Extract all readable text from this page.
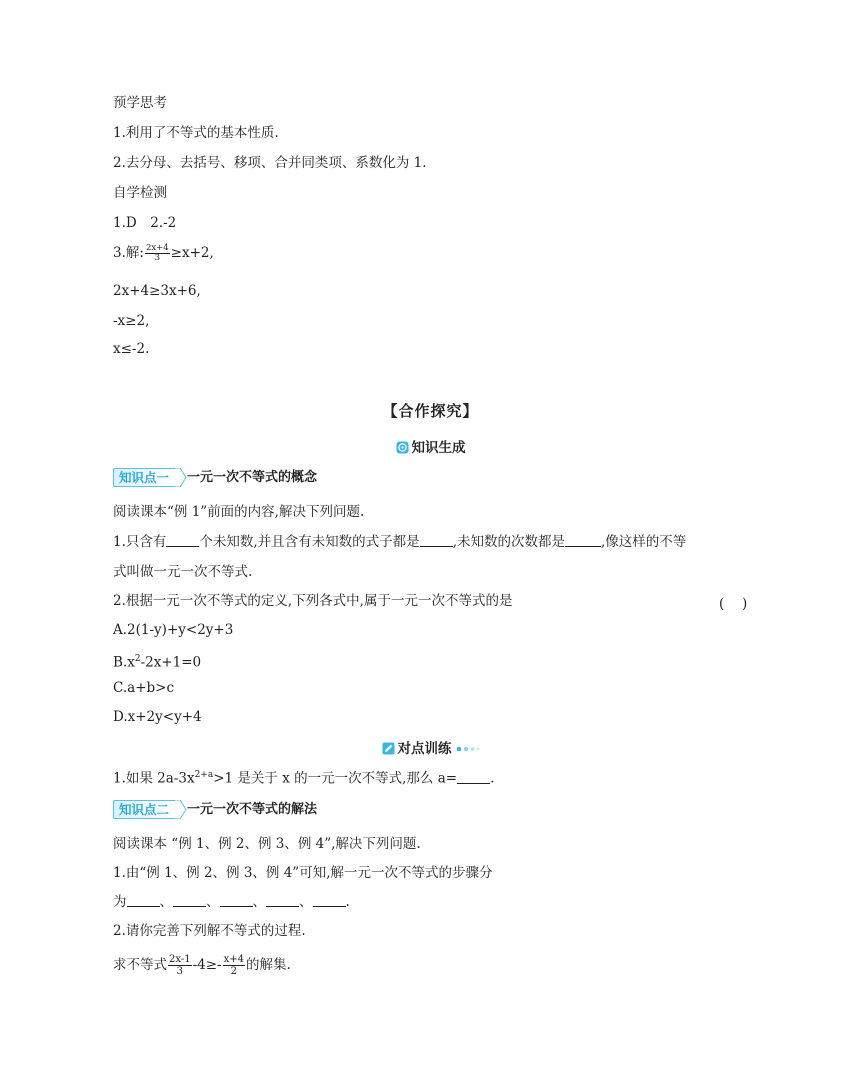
预学思考
1.利用了不等式的基本性质.
2.去分母、去括号、移项、合并同类项、系数化为 1.
自学检测
1.D　2.-2
3.解: $\frac{2x+4}{3} \ge x+2$,
2x+4≥3x+6,
-x≥2,
x≤-2.
【合作探究】
知识生成
知识点一 一元一次不等式的概念
阅读课本“例 1”前面的内容,解决下列问题.
1.只含有 个未知数,并且含有未知数的式子都是 ,未知数的次数都是	,像这样的不等
式叫做一元一次不等式.
2.根据一元一次不等式的定义,下列各式中,属于一元一次不等式的是	(　 )
A.2(1-y)+y<2y+3
$B.x^2-2x+1=0$
C.a+b>c
D.x+2y<y+4
对点训练
1.如果 $2a-3x^{2+a}>1$ 是关于 x 的一元一次不等式,那么 a= .
知识点二 一元一次不等式的解法
阅读课本 “例 1、例 2、例 3、例 4”,解决下列问题.
1.由“例 1、例 2、例 3、例 4”可知,解一元一次不等式的步骤分
为 、 、 、 、 .
2.请你完善下列解不等式的过程.
求不等式 $\frac{2x-1}{3} -4\ge- \frac{x+4}{2}$ 的解集.
